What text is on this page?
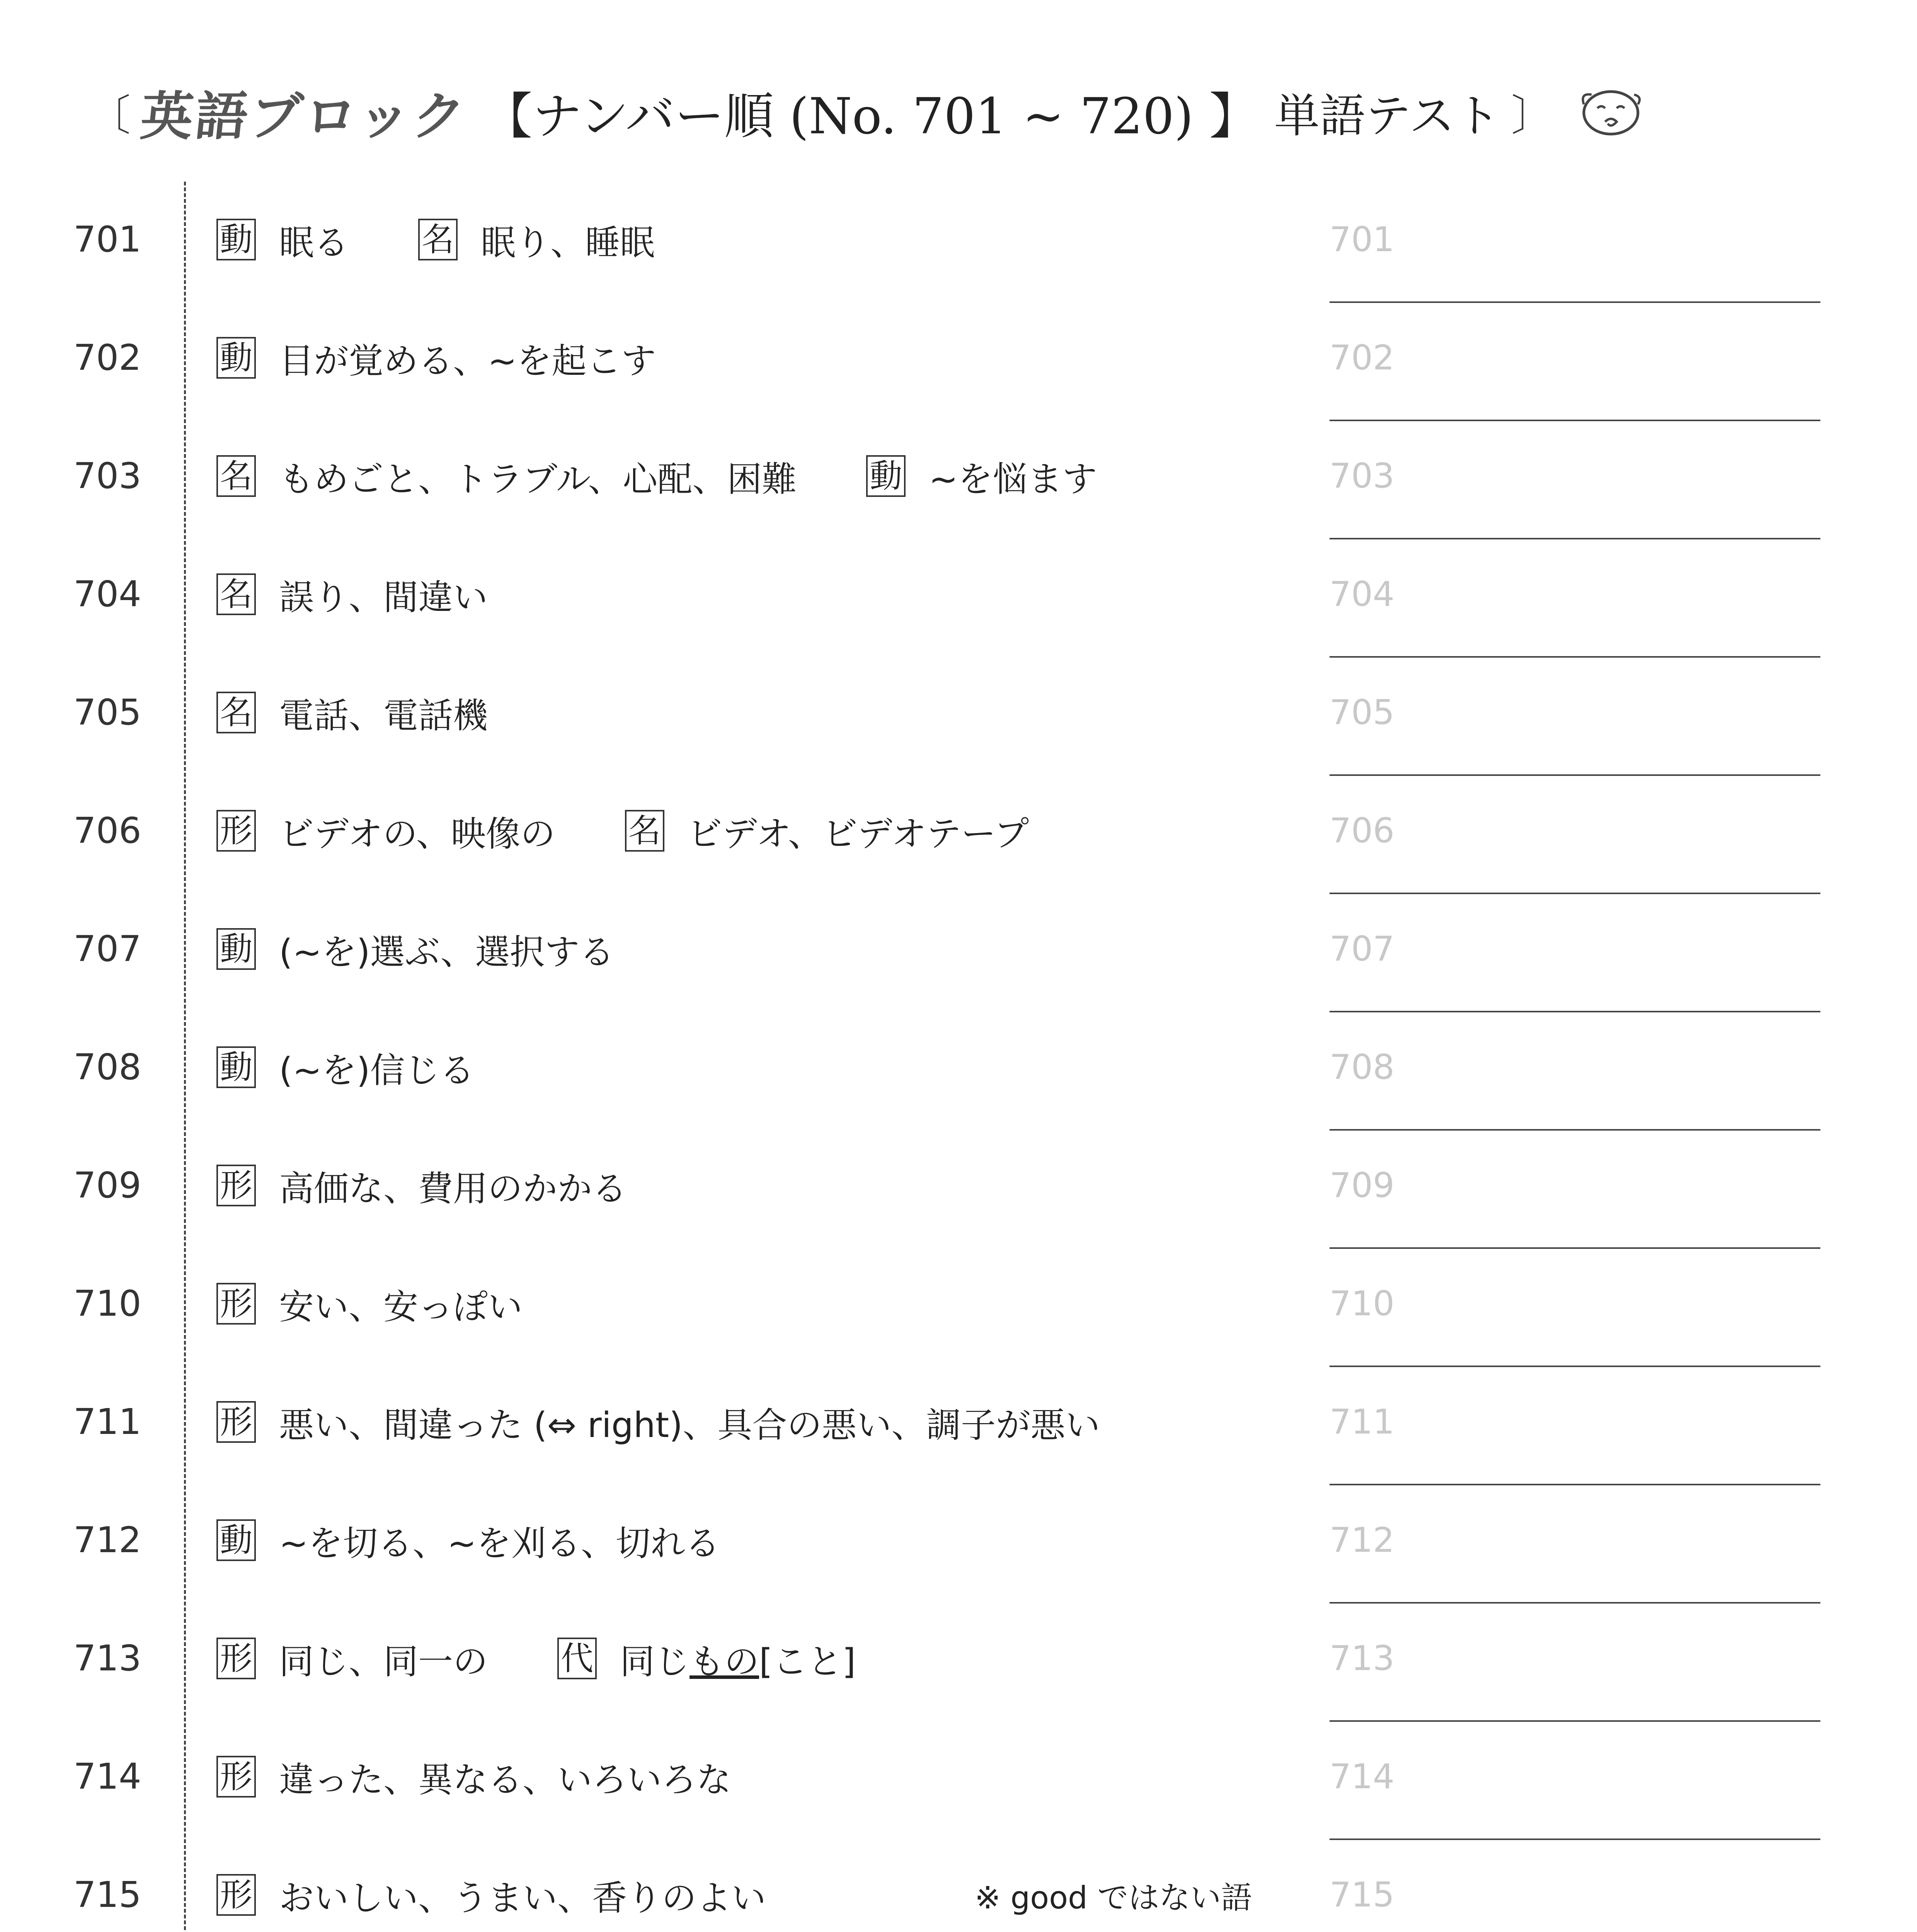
〔 英語ブロック 【ナンバー順 (No. 701 ~ 720) 】 単語テスト 〕
701	動 眠る 名 眠り、睡眠	701
702	動 目が覚める、~を起こす	702
703	名 もめごと、トラブル、心配、困難 動 ~を悩ます	703
704	名 誤り、間違い	704
705	名 電話、電話機	705
706	形 ビデオの、映像の 名 ビデオ、ビデオテープ	706
707	動 (~を)選ぶ、選択する	707
708	動 (~を)信じる	708
709	形 高価な、費用のかかる	709
710	形 安い、安っぽい	710
711	形 悪い、間違った (⇔ right)、具合の悪い、調子が悪い	711
712	動 ~を切る、~を刈る、切れる	712
713	形 同じ、同一の 代 同じ もの [こと]	713
714	形 違った、異なる、いろいろな	714
715	形 おいしい、うまい、香りのよい	※ good ではない語 715
